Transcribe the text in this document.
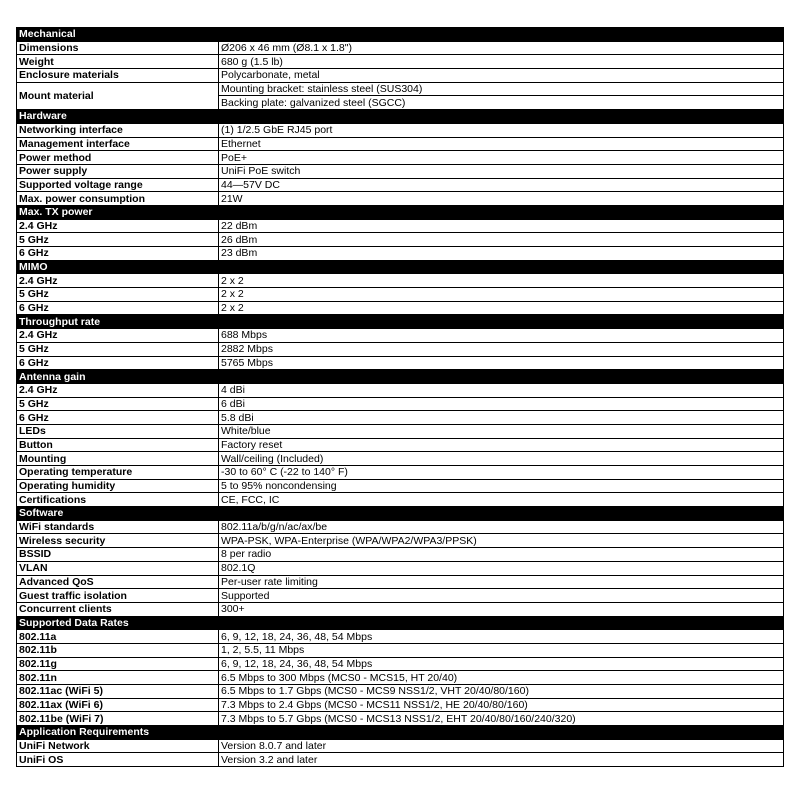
Mechanical	
Dimensions	Ø206 x 46 mm (Ø8.1 x 1.8")
Weight	680 g (1.5 lb)
Enclosure materials	Polycarbonate, metal
Mount material	Mounting bracket: stainless steel (SUS304)
	Backing plate: galvanized steel (SGCC)
Hardware	
Networking interface	(1) 1/2.5 GbE RJ45 port
Management interface	Ethernet
Power method	PoE+
Power supply	UniFi PoE switch
Supported voltage range	44—57V DC
Max. power consumption	21W
Max. TX power	
2.4 GHz	22 dBm
5 GHz	26 dBm
6 GHz	23 dBm
MIMO	
2.4 GHz	2 x 2
5 GHz	2 x 2
6 GHz	2 x 2
Throughput rate	
2.4 GHz	688 Mbps
5 GHz	2882 Mbps
6 GHz	5765 Mbps
Antenna gain	
2.4 GHz	4 dBi
5 GHz	6 dBi
6 GHz	5.8 dBi
LEDs	White/blue
Button	Factory reset
Mounting	Wall/ceiling (Included)
Operating temperature	-30 to 60° C (-22 to 140° F)
Operating humidity	5 to 95% noncondensing
Certifications	CE, FCC, IC
Software	
WiFi standards	802.11a/b/g/n/ac/ax/be
Wireless security	WPA-PSK, WPA-Enterprise (WPA/WPA2/WPA3/PPSK)
BSSID	8 per radio
VLAN	802.1Q
Advanced QoS	Per-user rate limiting
Guest traffic isolation	Supported
Concurrent clients	300+
Supported Data Rates	
802.11a	6, 9, 12, 18, 24, 36, 48, 54 Mbps
802.11b	1, 2, 5.5, 11 Mbps
802.11g	6, 9, 12, 18, 24, 36, 48, 54 Mbps
802.11n	6.5 Mbps to 300 Mbps (MCS0 - MCS15, HT 20/40)
802.11ac (WiFi 5)	6.5 Mbps to 1.7 Gbps (MCS0 - MCS9 NSS1/2, VHT 20/40/80/160)
802.11ax (WiFi 6)	7.3 Mbps to 2.4 Gbps (MCS0 - MCS11 NSS1/2, HE 20/40/80/160)
802.11be (WiFi 7)	7.3 Mbps to 5.7 Gbps (MCS0 - MCS13 NSS1/2, EHT 20/40/80/160/240/320)
Application Requirements	
UniFi Network	Version 8.0.7 and later
UniFi OS	Version 3.2 and later
